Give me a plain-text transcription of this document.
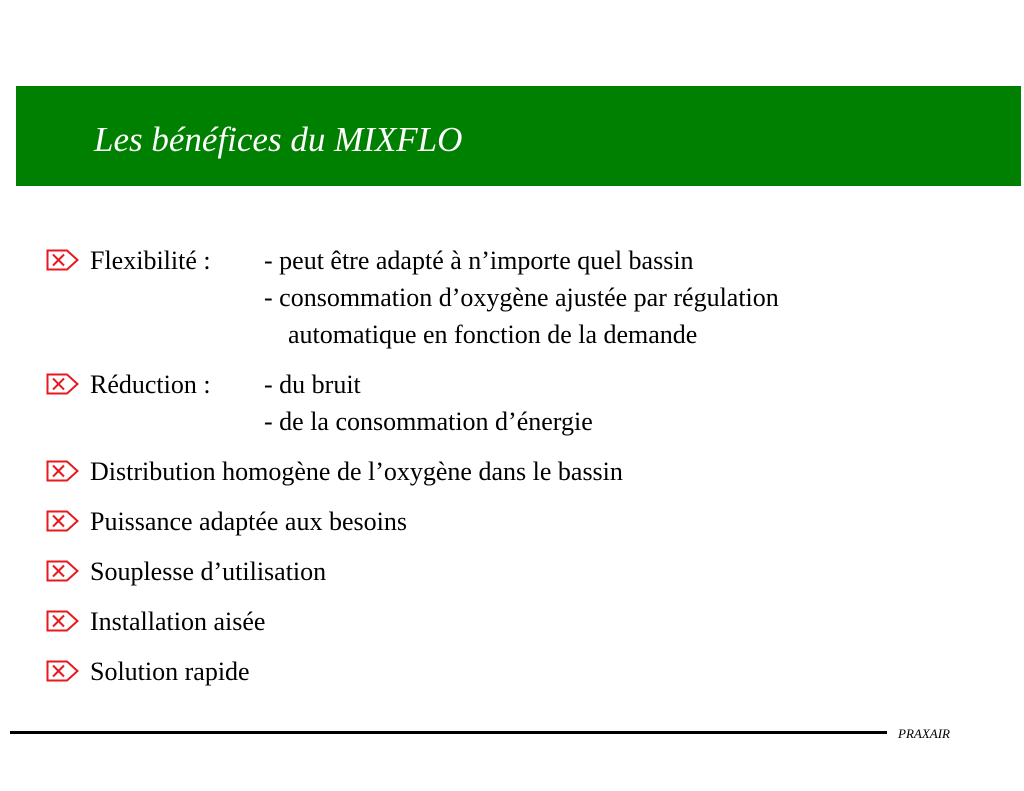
Les bénéfices du MIXFLO
Flexibilité : - peut être adapté à n’importe quel bassin
- consommation d’oxygène ajustée par régulation
automatique en fonction de la demande
Réduction : - du bruit
- de la consommation d’énergie
Distribution homogène de l’oxygène dans le bassin
Puissance adaptée aux besoins
Souplesse d’utilisation
Installation aisée
Solution rapide
PRAXAIR
